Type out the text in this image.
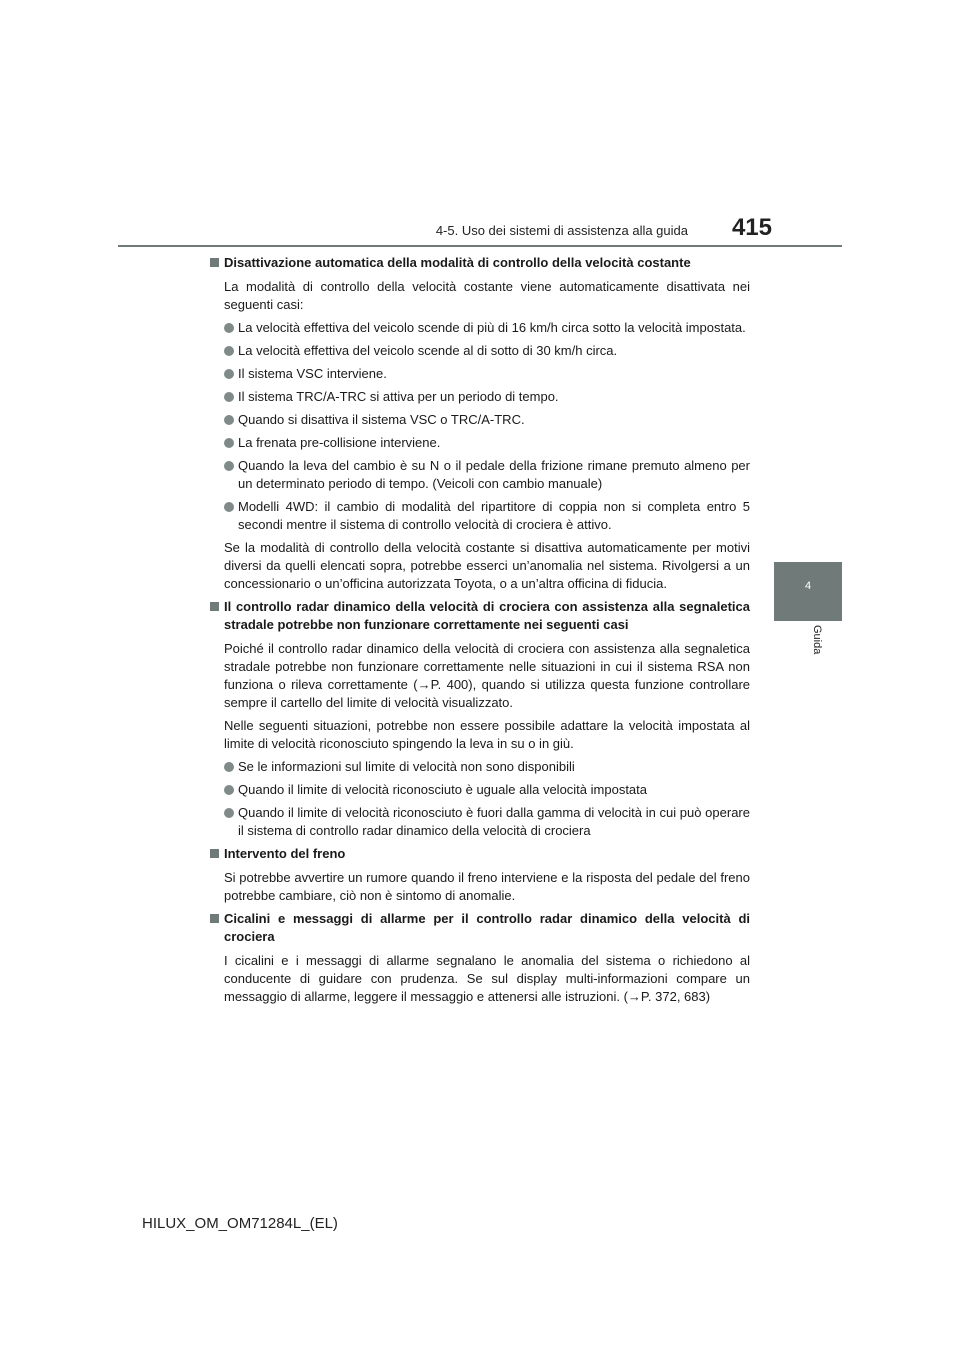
4-5. Uso dei sistemi di assistenza alla guida 415
4
Guida
Disattivazione automatica della modalità di controllo della velocità costante
La modalità di controllo della velocità costante viene automaticamente disattivata nei seguenti casi:
La velocità effettiva del veicolo scende di più di 16 km/h circa sotto la velocità impostata.
La velocità effettiva del veicolo scende al di sotto di 30 km/h circa.
Il sistema VSC interviene.
Il sistema TRC/A-TRC si attiva per un periodo di tempo.
Quando si disattiva il sistema VSC o TRC/A-TRC.
La frenata pre-collisione interviene.
Quando la leva del cambio è su N o il pedale della frizione rimane premuto almeno per un determinato periodo di tempo. (Veicoli con cambio manuale)
Modelli 4WD: il cambio di modalità del ripartitore di coppia non si completa entro 5 secondi mentre il sistema di controllo velocità di crociera è attivo.
Se la modalità di controllo della velocità costante si disattiva automaticamente per motivi diversi da quelli elencati sopra, potrebbe esserci un’anomalia nel sistema. Rivolgersi a un concessionario o un’officina autorizzata Toyota, o a un’altra officina di fiducia.
Il controllo radar dinamico della velocità di crociera con assistenza alla segnaletica stradale potrebbe non funzionare correttamente nei seguenti casi
Poiché il controllo radar dinamico della velocità di crociera con assistenza alla segnaletica stradale potrebbe non funzionare correttamente nelle situazioni in cui il sistema RSA non funziona o rileva correttamente (→P. 400), quando si utilizza questa funzione controllare sempre il cartello del limite di velocità visualizzato.
Nelle seguenti situazioni, potrebbe non essere possibile adattare la velocità impostata al limite di velocità riconosciuto spingendo la leva in su o in giù.
Se le informazioni sul limite di velocità non sono disponibili
Quando il limite di velocità riconosciuto è uguale alla velocità impostata
Quando il limite di velocità riconosciuto è fuori dalla gamma di velocità in cui può operare il sistema di controllo radar dinamico della velocità di crociera
Intervento del freno
Si potrebbe avvertire un rumore quando il freno interviene e la risposta del pedale del freno potrebbe cambiare, ciò non è sintomo di anomalie.
Cicalini e messaggi di allarme per il controllo radar dinamico della velocità di crociera
I cicalini e i messaggi di allarme segnalano le anomalia del sistema o richiedono al conducente di guidare con prudenza. Se sul display multi-informazioni compare un messaggio di allarme, leggere il messaggio e attenersi alle istruzioni. (→P. 372, 683)
HILUX_OM_OM71284L_(EL)
